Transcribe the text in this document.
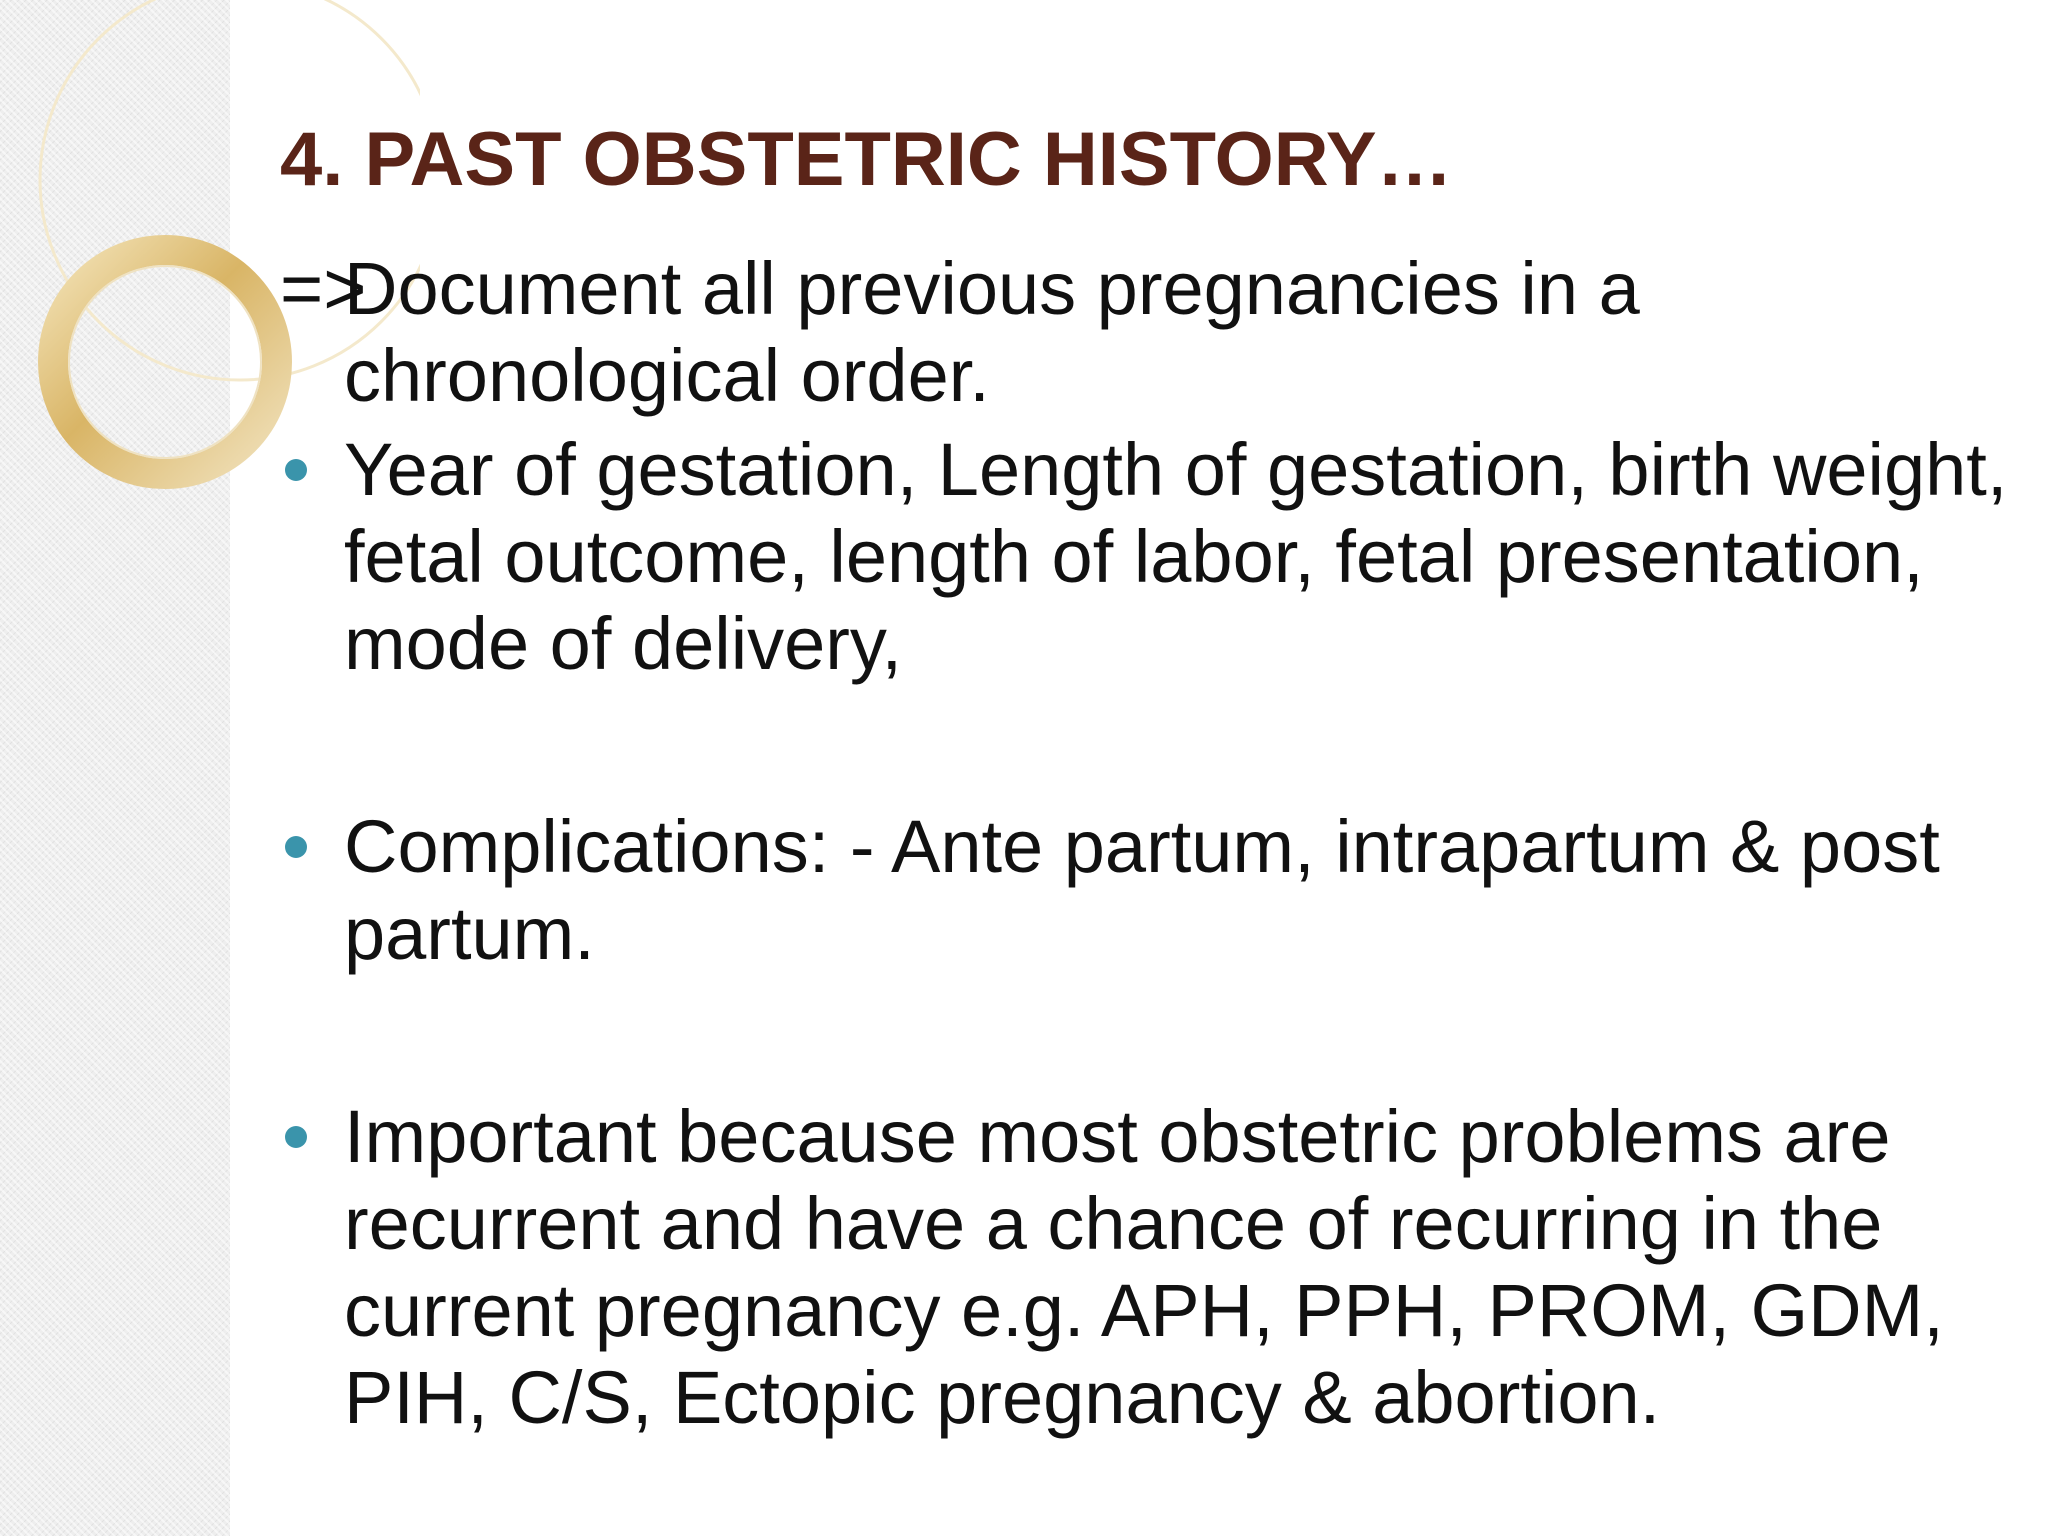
4. PAST OBSTETRIC HISTORY…
=>
Document all previous pregnancies in a chronological order.
Year of gestation, Length of gestation, birth weight, fetal outcome, length of labor, fetal presentation, mode of delivery,
Complications: - Ante partum, intrapartum & post partum.
Important because most obstetric problems are recurrent and have a chance of recurring in the current pregnancy e.g. APH, PPH, PROM, GDM, PIH, C/S, Ectopic pregnancy & abortion.
